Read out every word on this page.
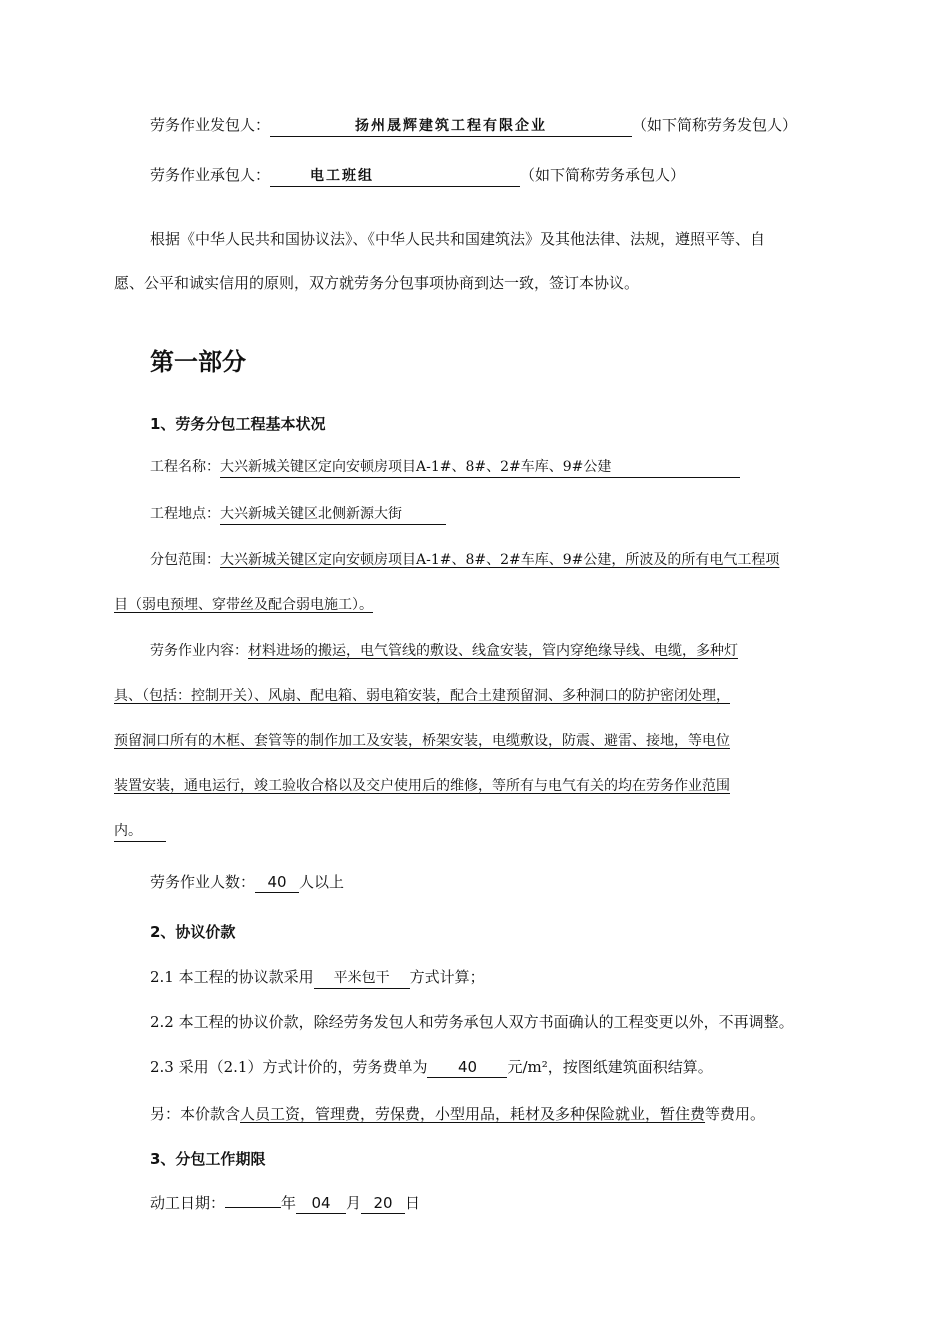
劳务作业发包人：	扬州晟辉建筑工程有限企业	（如下简称劳务发包人）
劳务作业承包人：	电工班组	（如下简称劳务承包人）
根据《中华人民共和国协议法》、《中华人民共和国建筑法》及其他法律、法规，遵照平等、自
愿、公平和诚实信用的原则，双方就劳务分包事项协商到达一致，签订本协议。
第一部分
1、劳务分包工程基本状况
工程名称：大兴新城关键区定向安顿房项目A-1#、8#、2#车库、9#公建
工程地点：大兴新城关键区北侧新源大街
分包范围：大兴新城关键区定向安顿房项目A-1#、8#、2#车库、9#公建，所波及的所有电气工程项
目（弱电预埋、穿带丝及配合弱电施工）。
劳务作业内容：材料进场的搬运，电气管线的敷设、线盒安装，管内穿绝缘导线、电缆，多种灯
具、（包括：控制开关）、风扇、配电箱、弱电箱安装，配合土建预留洞、多种洞口的防护密闭处理，
预留洞口所有的木框、套管等的制作加工及安装，桥架安装，电缆敷设，防震、避雷、接地，等电位
装置安装，通电运行，竣工验收合格以及交户使用后的维修，等所有与电气有关的均在劳务作业范围
内。
劳务作业人数： 40 人以上
2、协议价款
2.1 本工程的协议款采用 平米包干 方式计算；
2.2 本工程的协议价款，除经劳务发包人和劳务承包人双方书面确认的工程变更以外，不再调整。
2.3 采用（2.1）方式计价的，劳务费单为 40 元/m²，按图纸建筑面积结算。
另：本价款含人员工资，管理费，劳保费，小型用品，耗材及多种保险就业，暂住费等费用。
3、分包工作期限
动工日期：	年 04 月 20 日
